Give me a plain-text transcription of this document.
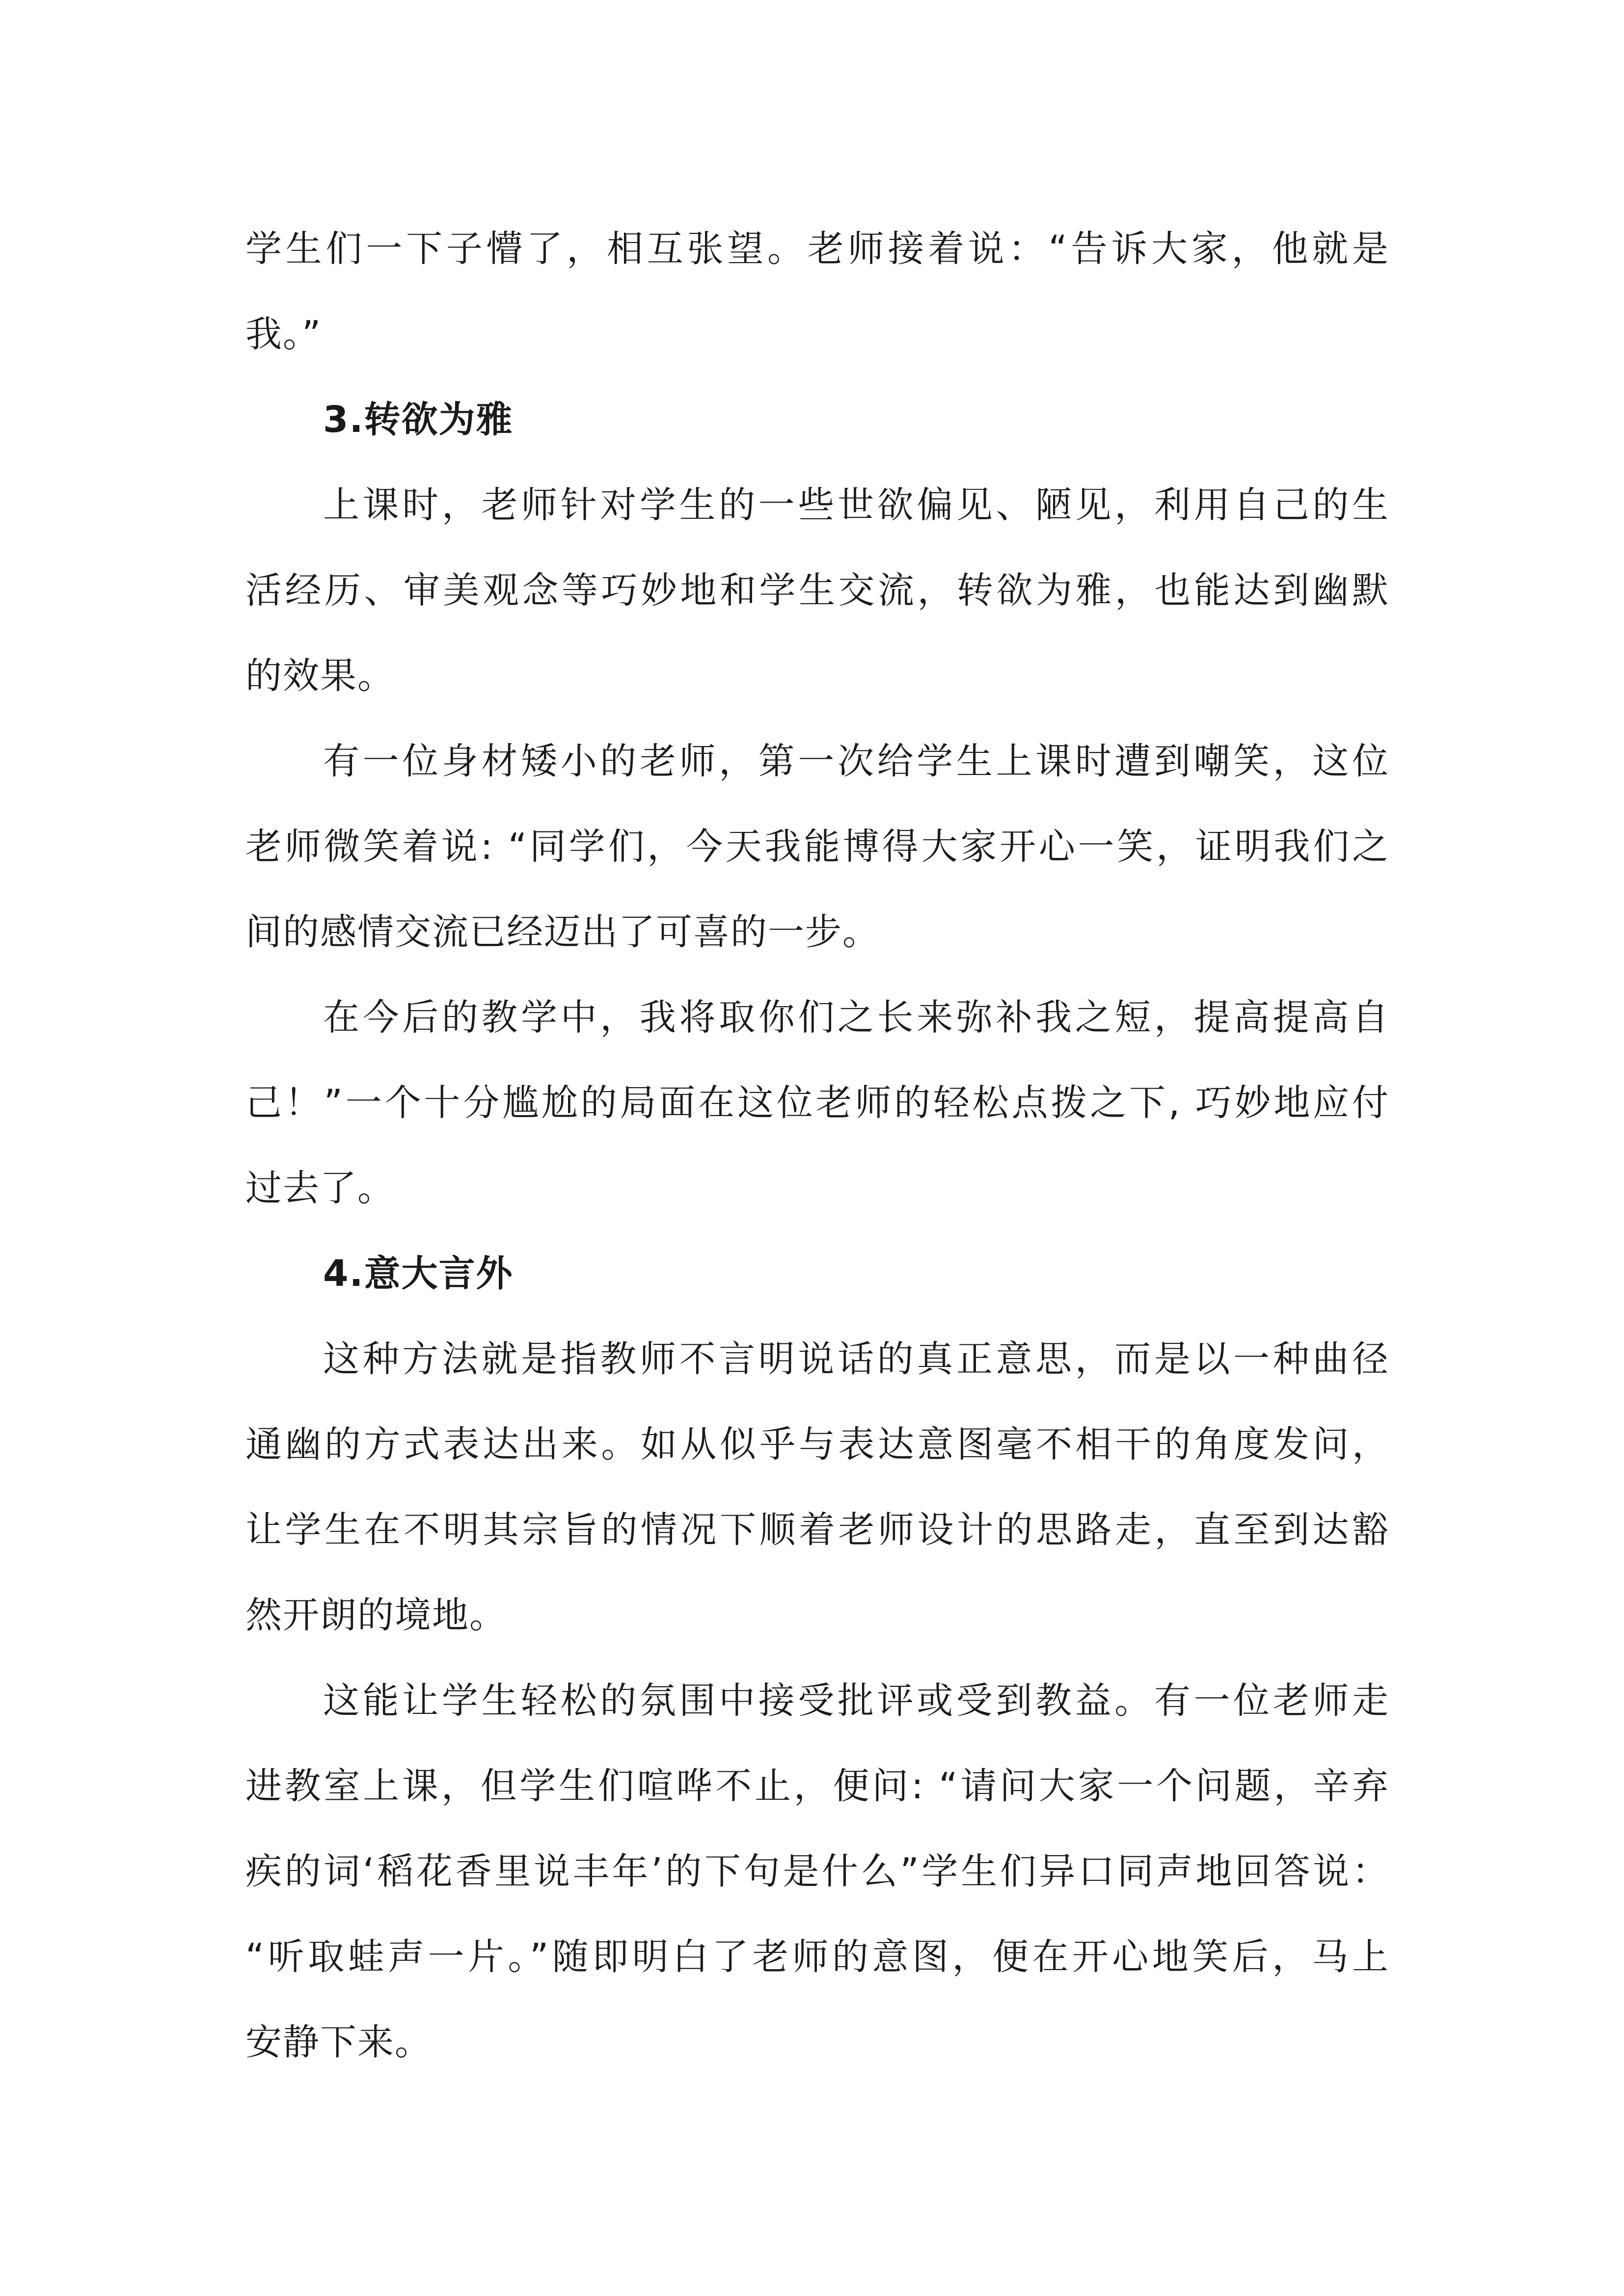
学生们一下子懵了，相互张望。老师接着说：“告诉大家，他就是
我。”
3.转欲为雅
上课时，老师针对学生的一些世欲偏见、陋见，利用自己的生
活经历、审美观念等巧妙地和学生交流，转欲为雅，也能达到幽默
的效果。
有一位身材矮小的老师，第一次给学生上课时遭到嘲笑，这位
老师微笑着说: “同学们，今天我能博得大家开心一笑，证明我们之
间的感情交流已经迈出了可喜的一步。
在今后的教学中，我将取你们之长来弥补我之短，提高提高自
己！”一个十分尴尬的局面在这位老师的轻松点拨之下, 巧妙地应付
过去了。
4.意大言外
这种方法就是指教师不言明说话的真正意思，而是以一种曲径
通幽的方式表达出来。如从似乎与表达意图毫不相干的角度发问，
让学生在不明其宗旨的情况下顺着老师设计的思路走，直至到达豁
然开朗的境地。
这能让学生轻松的氛围中接受批评或受到教益。有一位老师走
进教室上课，但学生们喧哗不止，便问: “请问大家一个问题，辛弃
疾的词‘稻花香里说丰年’的下句是什么”学生们异口同声地回答说：
“听取蛙声一片。”随即明白了老师的意图，便在开心地笑后，马上
安静下来。
